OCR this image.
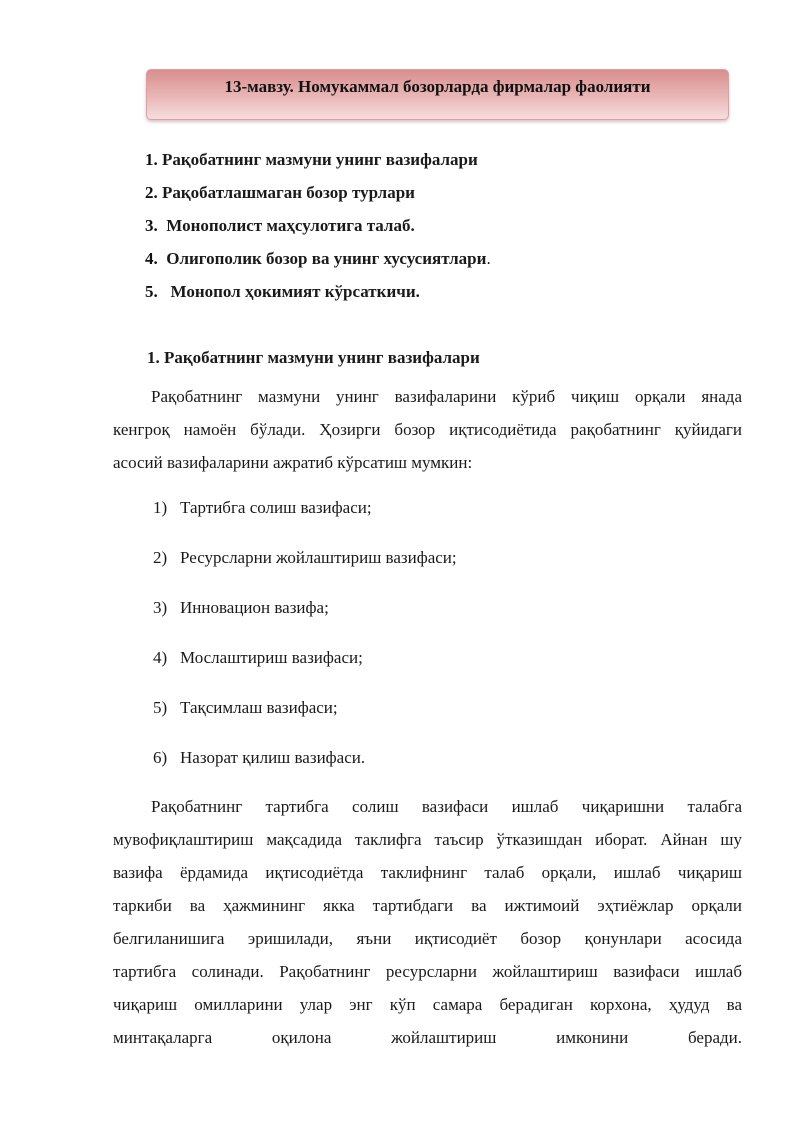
13-мавзу. Номукаммал бозорларда фирмалар фаолияти
1. Рақобатнинг мазмуни унинг вазифалари
2. Рақобатлашмаган бозор турлари
3.  Монополист маҳсулотига талаб.
4.  Олигополик бозор ва унинг хусусиятлари.
5.   Монопол ҳокимият кўрсаткичи.
1. Рақобатнинг мазмуни унинг вазифалари

Рақобатнинг мазмуни унинг вазифаларини кўриб чиқиш орқали янада

кенгроқ намоён бўлади. Ҳозирги бозор иқтисодиётида рақобатнинг қуйидаги

асосий вазифаларини ажратиб кўрсатиш мумкин:

1) Тартибга солиш вазифаси;
2) Ресурсларни жойлаштириш вазифаси;
3) Инновацион вазифа;
4) Мослаштириш вазифаси;
5) Тақсимлаш вазифаси;
6) Назорат қилиш вазифаси.

Рақобатнинг тартибга солиш вазифаси ишлаб чиқаришни талабга

мувофиқлаштириш мақсадида таклифга таъсир ўтказишдан иборат. Айнан шу

вазифа ёрдамида иқтисодиётда таклифнинг талаб орқали, ишлаб чиқариш

таркиби ва ҳажмининг якка тартибдаги ва ижтимоий эҳтиёжлар орқали

белгиланишига эришилади, яъни иқтисодиёт бозор қонунлари асосида

тартибга солинади. Рақобатнинг ресурсларни жойлаштириш вазифаси ишлаб

чиқариш омилларини улар энг кўп самара берадиган корхона, ҳудуд ва

минтақаларга оқилона жойлаштириш имконини беради.
